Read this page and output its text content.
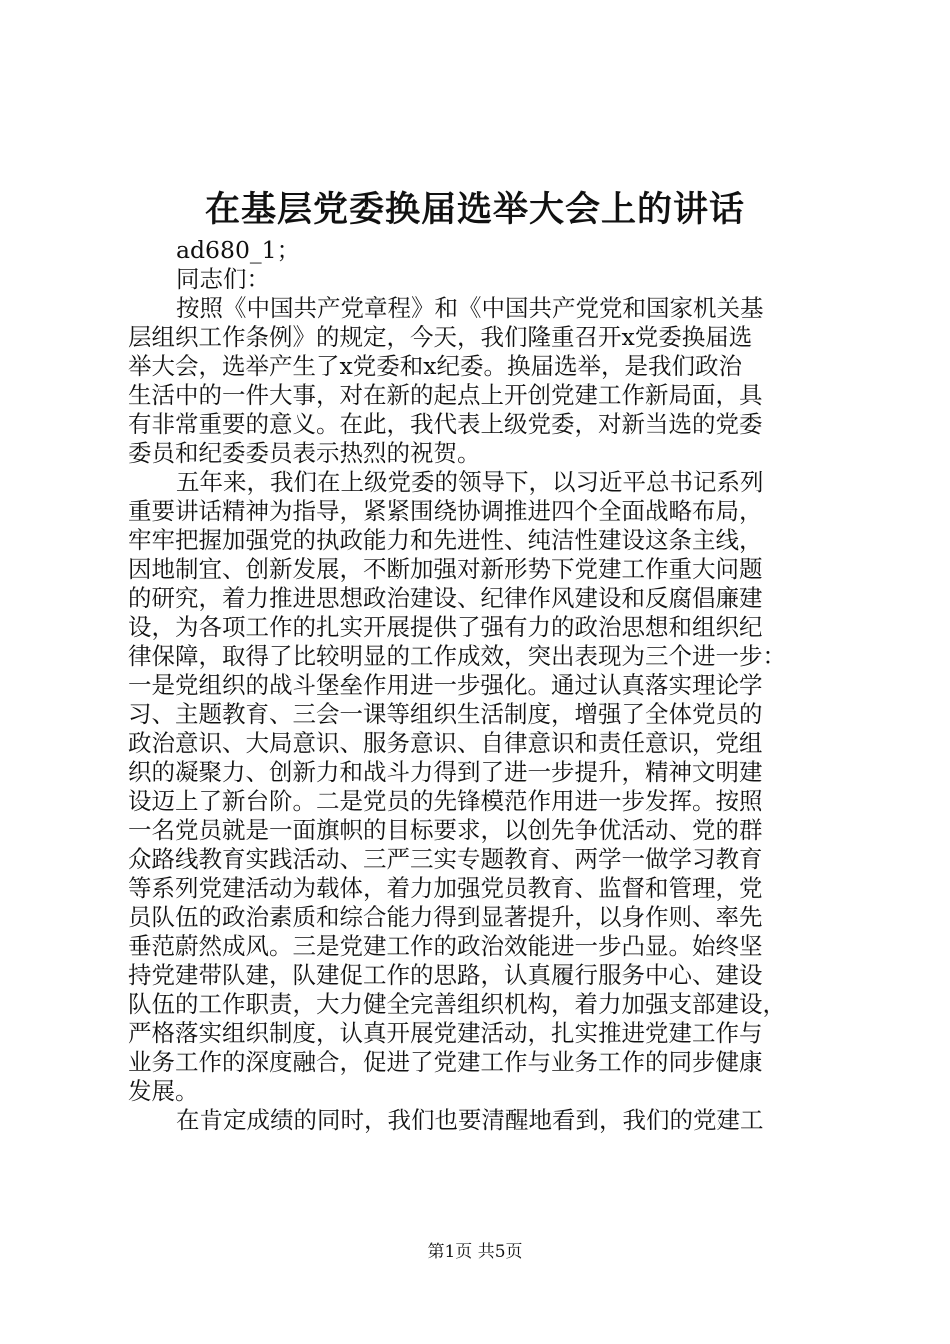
在基层党委换届选举大会上的讲话
ad680_1；
同志们：
按照《中国共产党章程》和《中国共产党党和国家机关基
层组织工作条例》的规定，今天，我们隆重召开x党委换届选
举大会，选举产生了x党委和x纪委。换届选举，是我们政治
生活中的一件大事，对在新的起点上开创党建工作新局面，具
有非常重要的意义。在此，我代表上级党委，对新当选的党委
委员和纪委委员表示热烈的祝贺。
五年来，我们在上级党委的领导下，以习近平总书记系列
重要讲话精神为指导，紧紧围绕协调推进四个全面战略布局，
牢牢把握加强党的执政能力和先进性、纯洁性建设这条主线，
因地制宜、创新发展，不断加强对新形势下党建工作重大问题
的研究，着力推进思想政治建设、纪律作风建设和反腐倡廉建
设，为各项工作的扎实开展提供了强有力的政治思想和组织纪
律保障，取得了比较明显的工作成效，突出表现为三个进一步：
一是党组织的战斗堡垒作用进一步强化。通过认真落实理论学
习、主题教育、三会一课等组织生活制度，增强了全体党员的
政治意识、大局意识、服务意识、自律意识和责任意识，党组
织的凝聚力、创新力和战斗力得到了进一步提升，精神文明建
设迈上了新台阶。二是党员的先锋模范作用进一步发挥。按照
一名党员就是一面旗帜的目标要求，以创先争优活动、党的群
众路线教育实践活动、三严三实专题教育、两学一做学习教育
等系列党建活动为载体，着力加强党员教育、监督和管理，党
员队伍的政治素质和综合能力得到显著提升，以身作则、率先
垂范蔚然成风。三是党建工作的政治效能进一步凸显。始终坚
持党建带队建，队建促工作的思路，认真履行服务中心、建设
队伍的工作职责，大力健全完善组织机构，着力加强支部建设，
严格落实组织制度，认真开展党建活动，扎实推进党建工作与
业务工作的深度融合，促进了党建工作与业务工作的同步健康
发展。
在肯定成绩的同时，我们也要清醒地看到，我们的党建工
第1页 共5页
